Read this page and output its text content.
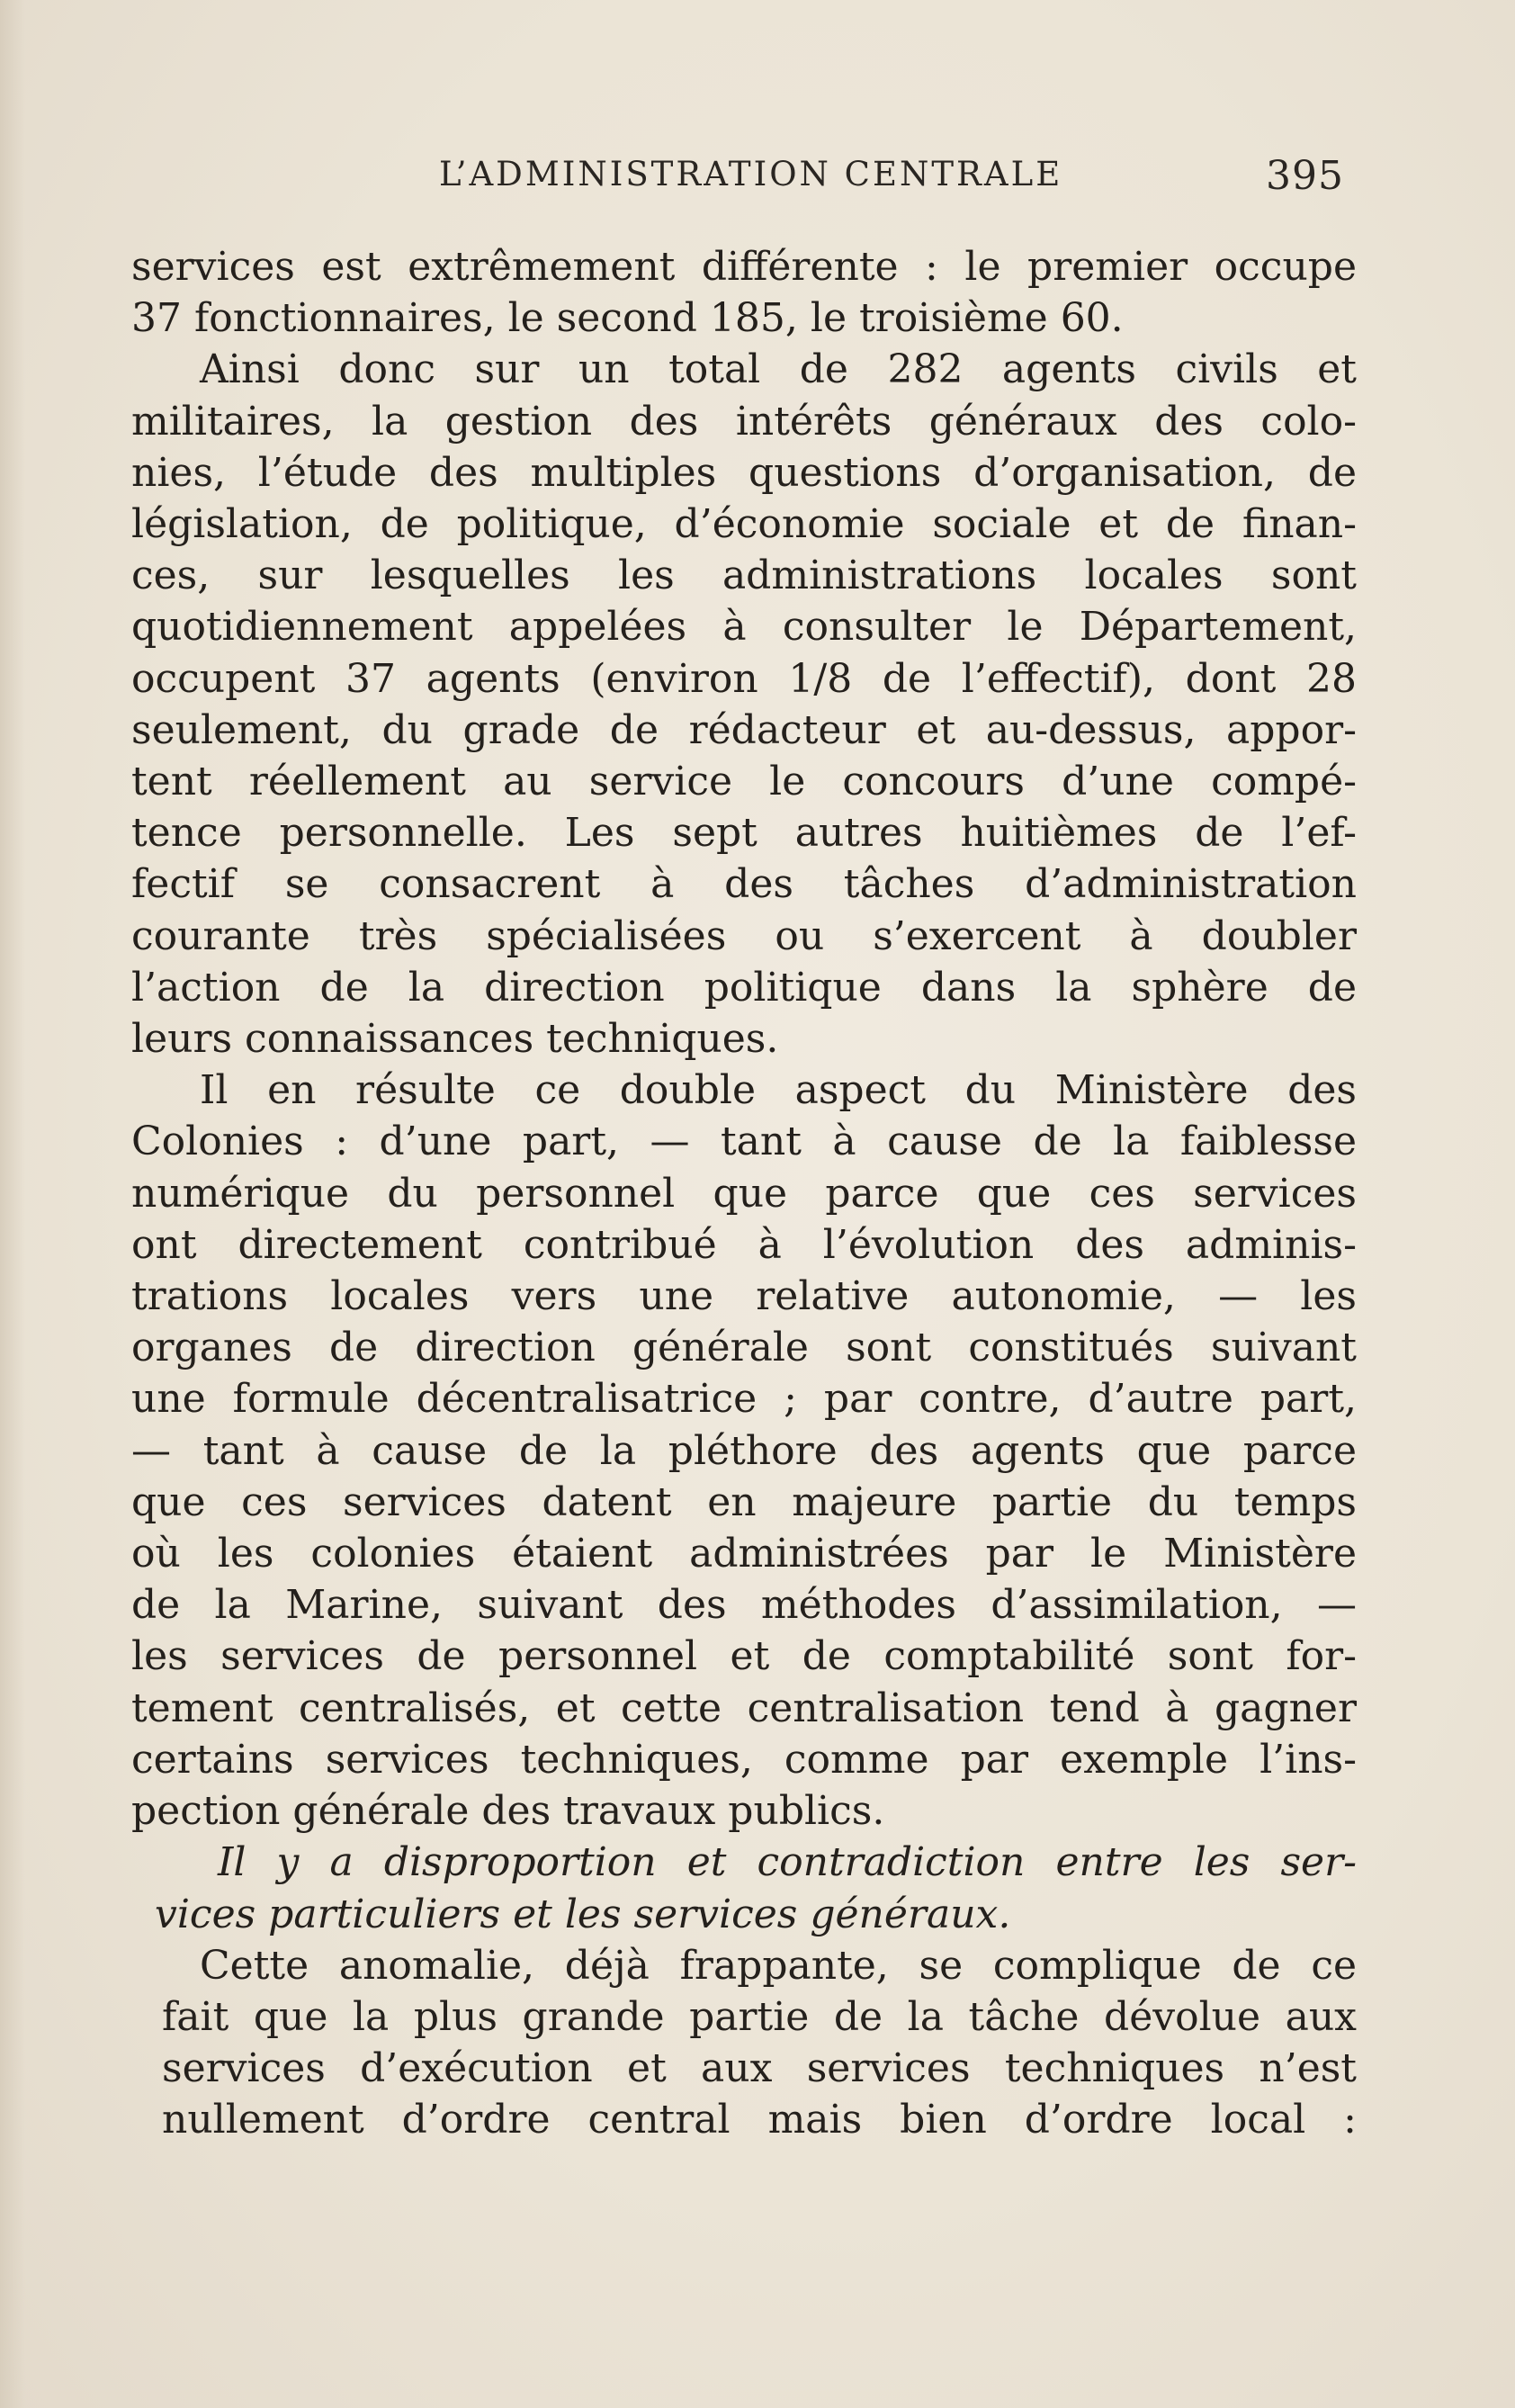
L’ADMINISTRATION CENTRALE	395
services est extrêmement différente : le premier occupe
37 fonctionnaires, le second 185, le troisième 60.
Ainsi donc sur un total de 282 agents civils et
militaires, la gestion des intérêts généraux des colo-
nies, l’étude des multiples questions d’organisation, de
législation, de politique, d’économie sociale et de finan-
ces, sur lesquelles les administrations locales sont
quotidiennement appelées à consulter le Département,
occupent 37 agents (environ 1/8 de l’effectif), dont 28
seulement, du grade de rédacteur et au-dessus, appor-
tent réellement au service le concours d’une compé-
tence personnelle. Les sept autres huitièmes de l’ef-
fectif se consacrent à des tâches d’administration
courante très spécialisées ou s’exercent à doubler
l’action de la direction politique dans la sphère de
leurs connaissances techniques.
Il en résulte ce double aspect du Ministère des
Colonies : d’une part, — tant à cause de la faiblesse
numérique du personnel que parce que ces services
ont directement contribué à l’évolution des adminis-
trations locales vers une relative autonomie, — les
organes de direction générale sont constitués suivant
une formule décentralisatrice ; par contre, d’autre part,
— tant à cause de la pléthore des agents que parce
que ces services datent en majeure partie du temps
où les colonies étaient administrées par le Ministère
de la Marine, suivant des méthodes d’assimilation, —
les services de personnel et de comptabilité sont for-
tement centralisés, et cette centralisation tend à gagner
certains services techniques, comme par exemple l’ins-
pection générale des travaux publics.
Il y a disproportion et contradiction entre les ser-
vices particuliers et les services généraux.
Cette anomalie, déjà frappante, se complique de ce
fait que la plus grande partie de la tâche dévolue aux
services d’exécution et aux services techniques n’est
nullement d’ordre central mais bien d’ordre local :
